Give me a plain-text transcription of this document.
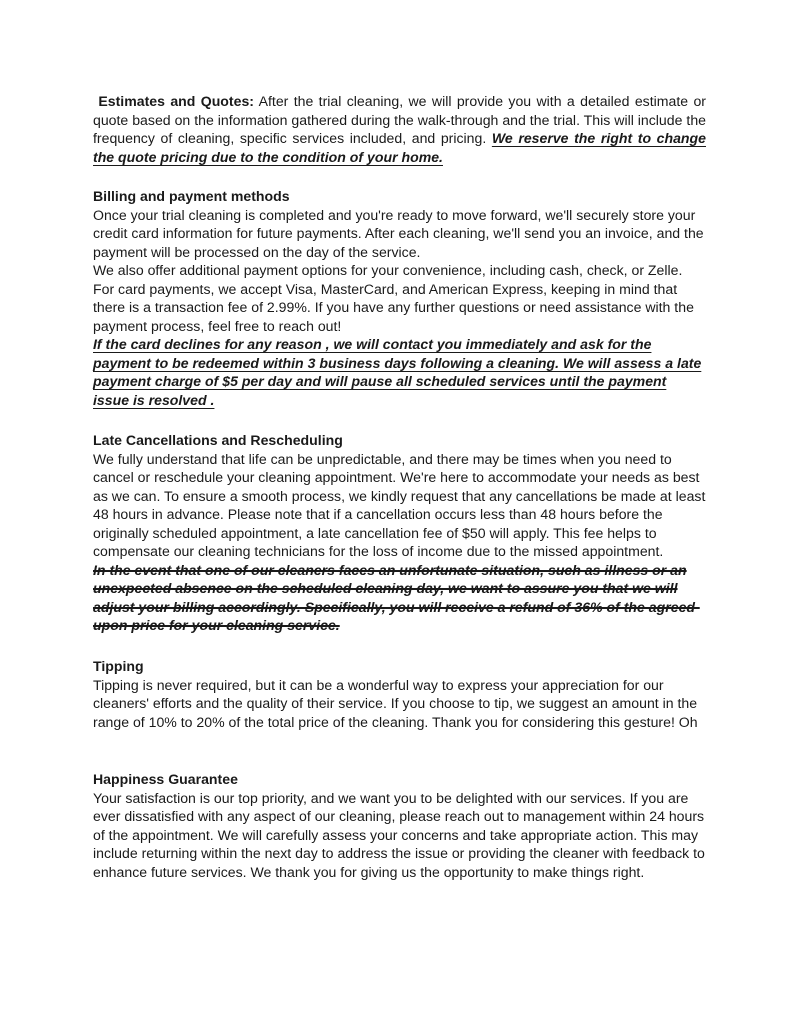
Estimates and Quotes: After the trial cleaning, we will provide you with a detailed estimate or quote based on the information gathered during the walk-through and the trial. This will include the frequency of cleaning, specific services included, and pricing. We reserve the right to change the quote pricing due to the condition of your home.

Billing and payment methods

Once your trial cleaning is completed and you're ready to move forward, we'll securely store your credit card information for future payments. After each cleaning, we'll send you an invoice, and the payment will be processed on the day of the service.

We also offer additional payment options for your convenience, including cash, check, or Zelle. For card payments, we accept Visa, MasterCard, and American Express, keeping in mind that there is a transaction fee of 2.99%. If you have any further questions or need assistance with the payment process, feel free to reach out!

If the card declines for any reason , we will contact you immediately and ask for the payment to be redeemed within 3 business days following a cleaning. We will assess a late payment charge of $5 per day and will pause all scheduled services until the payment issue is resolved .

Late Cancellations and Rescheduling

We fully understand that life can be unpredictable, and there may be times when you need to cancel or reschedule your cleaning appointment. We're here to accommodate your needs as best as we can. To ensure a smooth process, we kindly request that any cancellations be made at least 48 hours in advance. Please note that if a cancellation occurs less than 48 hours before the originally scheduled appointment, a late cancellation fee of $50 will apply. This fee helps to compensate our cleaning technicians for the loss of income due to the missed appointment.

In the event that one of our cleaners faces an unfortunate situation, such as illness or an unexpected absence on the scheduled cleaning day, we want to assure you that we will adjust your billing accordingly. Specifically, you will receive a refund of 36% of the agreed-upon price for your cleaning service.

Tipping

Tipping is never required, but it can be a wonderful way to express your appreciation for our cleaners' efforts and the quality of their service. If you choose to tip, we suggest an amount in the range of 10% to 20% of the total price of the cleaning. Thank you for considering this gesture! Oh

Happiness Guarantee

Your satisfaction is our top priority, and we want you to be delighted with our services. If you are ever dissatisfied with any aspect of our cleaning, please reach out to management within 24 hours of the appointment. We will carefully assess your concerns and take appropriate action. This may include returning within the next day to address the issue or providing the cleaner with feedback to enhance future services. We thank you for giving us the opportunity to make things right.
